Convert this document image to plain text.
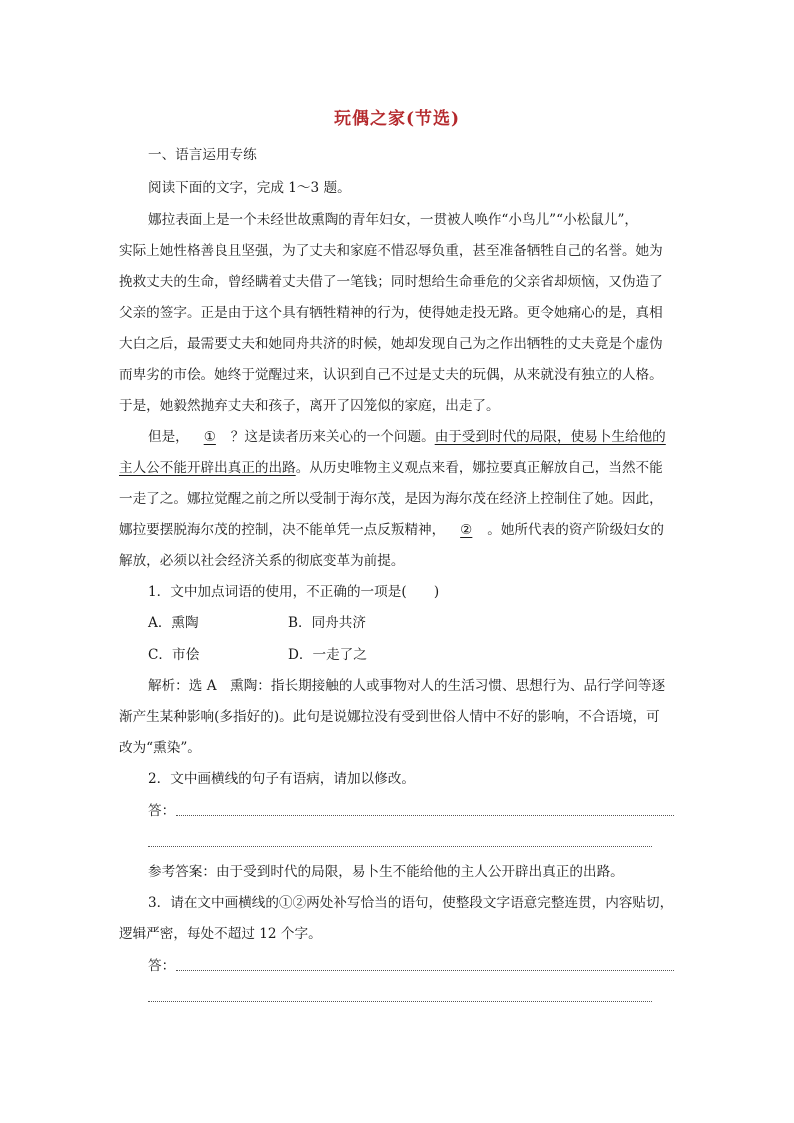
玩偶之家(节选)
一、语言运用专练
阅读下面的文字，完成 1～3 题。
娜拉表面上是一个未经世故熏陶的青年妇女，一贯被人唤作“小鸟儿”“小松鼠儿”，
实际上她性格善良且坚强，为了丈夫和家庭不惜忍辱负重，甚至准备牺牲自己的名誉。她为
挽救丈夫的生命，曾经瞒着丈夫借了一笔钱；同时想给生命垂危的父亲省却烦恼，又伪造了
父亲的签字。正是由于这个具有牺牲精神的行为，使得她走投无路。更令她痛心的是，真相
大白之后，最需要丈夫和她同舟共济的时候，她却发现自己为之作出牺牲的丈夫竟是个虚伪
而卑劣的市侩。她终于觉醒过来，认识到自己不过是丈夫的玩偶，从来就没有独立的人格。
于是，她毅然抛弃丈夫和孩子，离开了囚笼似的家庭，出走了。
但是， ① ？这是读者历来关心的一个问题。由于受到时代的局限，使易卜生给他的
主人公不能开辟出真正的出路。从历史唯物主义观点来看，娜拉要真正解放自己，当然不能
一走了之。娜拉觉醒之前之所以受制于海尔茂，是因为海尔茂在经济上控制住了她。因此，
娜拉要摆脱海尔茂的控制，决不能单凭一点反叛精神， ② 。她所代表的资产阶级妇女的
解放，必须以社会经济关系的彻底变革为前提。
1．文中加点词语的使用，不正确的一项是(　　)
A．熏陶	B．同舟共济
C．市侩	D．一走了之
解析：选 A　熏陶：指长期接触的人或事物对人的生活习惯、思想行为、品行学问等逐
渐产生某种影响(多指好的)。此句是说娜拉没有受到世俗人情中不好的影响，不合语境，可
改为“熏染”。
2．文中画横线的句子有语病，请加以修改。
答：
参考答案：由于受到时代的局限，易卜生不能给他的主人公开辟出真正的出路。
3．请在文中画横线的①②两处补写恰当的语句，使整段文字语意完整连贯，内容贴切，
逻辑严密，每处不超过 12 个字。
答：
